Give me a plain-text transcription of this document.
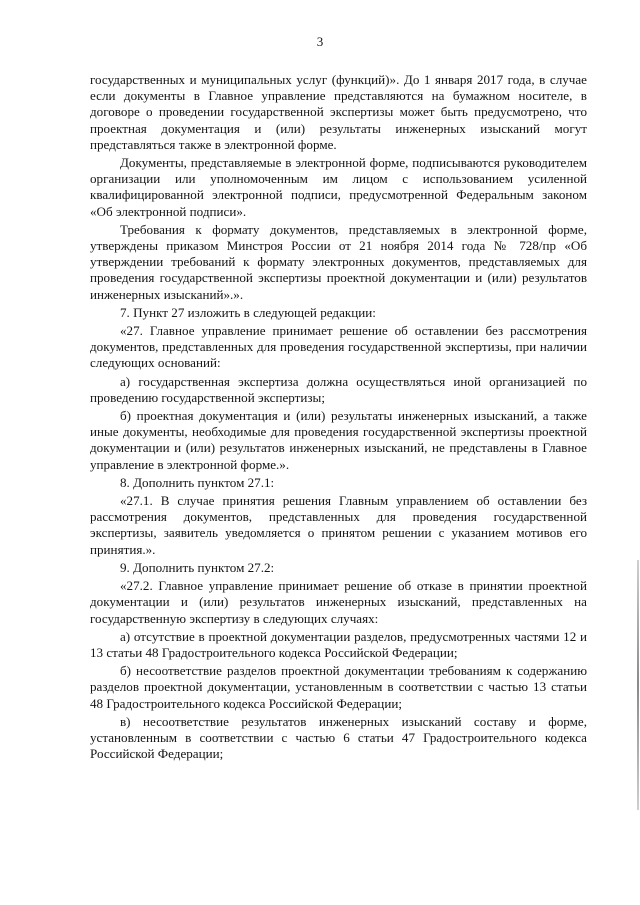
3

государственных и муниципальных услуг (функций)». До 1 января 2017 года, в случае если документы в Главное управление представляются на бумажном носителе, в договоре о проведении государственной экспертизы может быть предусмотрено, что проектная документация и (или) результаты инженерных изысканий могут представляться также в электронной форме.

Документы, представляемые в электронной форме, подписываются руководителем организации или уполномоченным им лицом с использованием усиленной квалифицированной электронной подписи, предусмотренной Федеральным законом «Об электронной подписи».

Требования к формату документов, представляемых в электронной форме, утверждены приказом Минстроя России от 21 ноября 2014 года № 728/пр «Об утверждении требований к формату электронных документов, представляемых для проведения государственной экспертизы проектной документации и (или) результатов инженерных изысканий».».

7. Пункт 27 изложить в следующей редакции:

«27. Главное управление принимает решение об оставлении без рассмотрения документов, представленных для проведения государственной экспертизы, при наличии следующих оснований:

а) государственная экспертиза должна осуществляться иной организацией по проведению государственной экспертизы;

б) проектная документация и (или) результаты инженерных изысканий, а также иные документы, необходимые для проведения государственной экспертизы проектной документации и (или) результатов инженерных изысканий, не представлены в Главное управление в электронной форме.».

8. Дополнить пунктом 27.1:

«27.1. В случае принятия решения Главным управлением об оставлении без рассмотрения документов, представленных для проведения государственной экспертизы, заявитель уведомляется о принятом решении с указанием мотивов его принятия.».

9. Дополнить пунктом 27.2:

«27.2. Главное управление принимает решение об отказе в принятии проектной документации и (или) результатов инженерных изысканий, представленных на государственную экспертизу в следующих случаях:

а) отсутствие в проектной документации разделов, предусмотренных частями 12 и 13 статьи 48 Градостроительного кодекса Российской Федерации;

б) несоответствие разделов проектной документации требованиям к содержанию разделов проектной документации, установленным в соответствии с частью 13 статьи 48 Градостроительного кодекса Российской Федерации;

в) несоответствие результатов инженерных изысканий составу и форме, установленным в соответствии с частью 6 статьи 47 Градостроительного кодекса Российской Федерации;
